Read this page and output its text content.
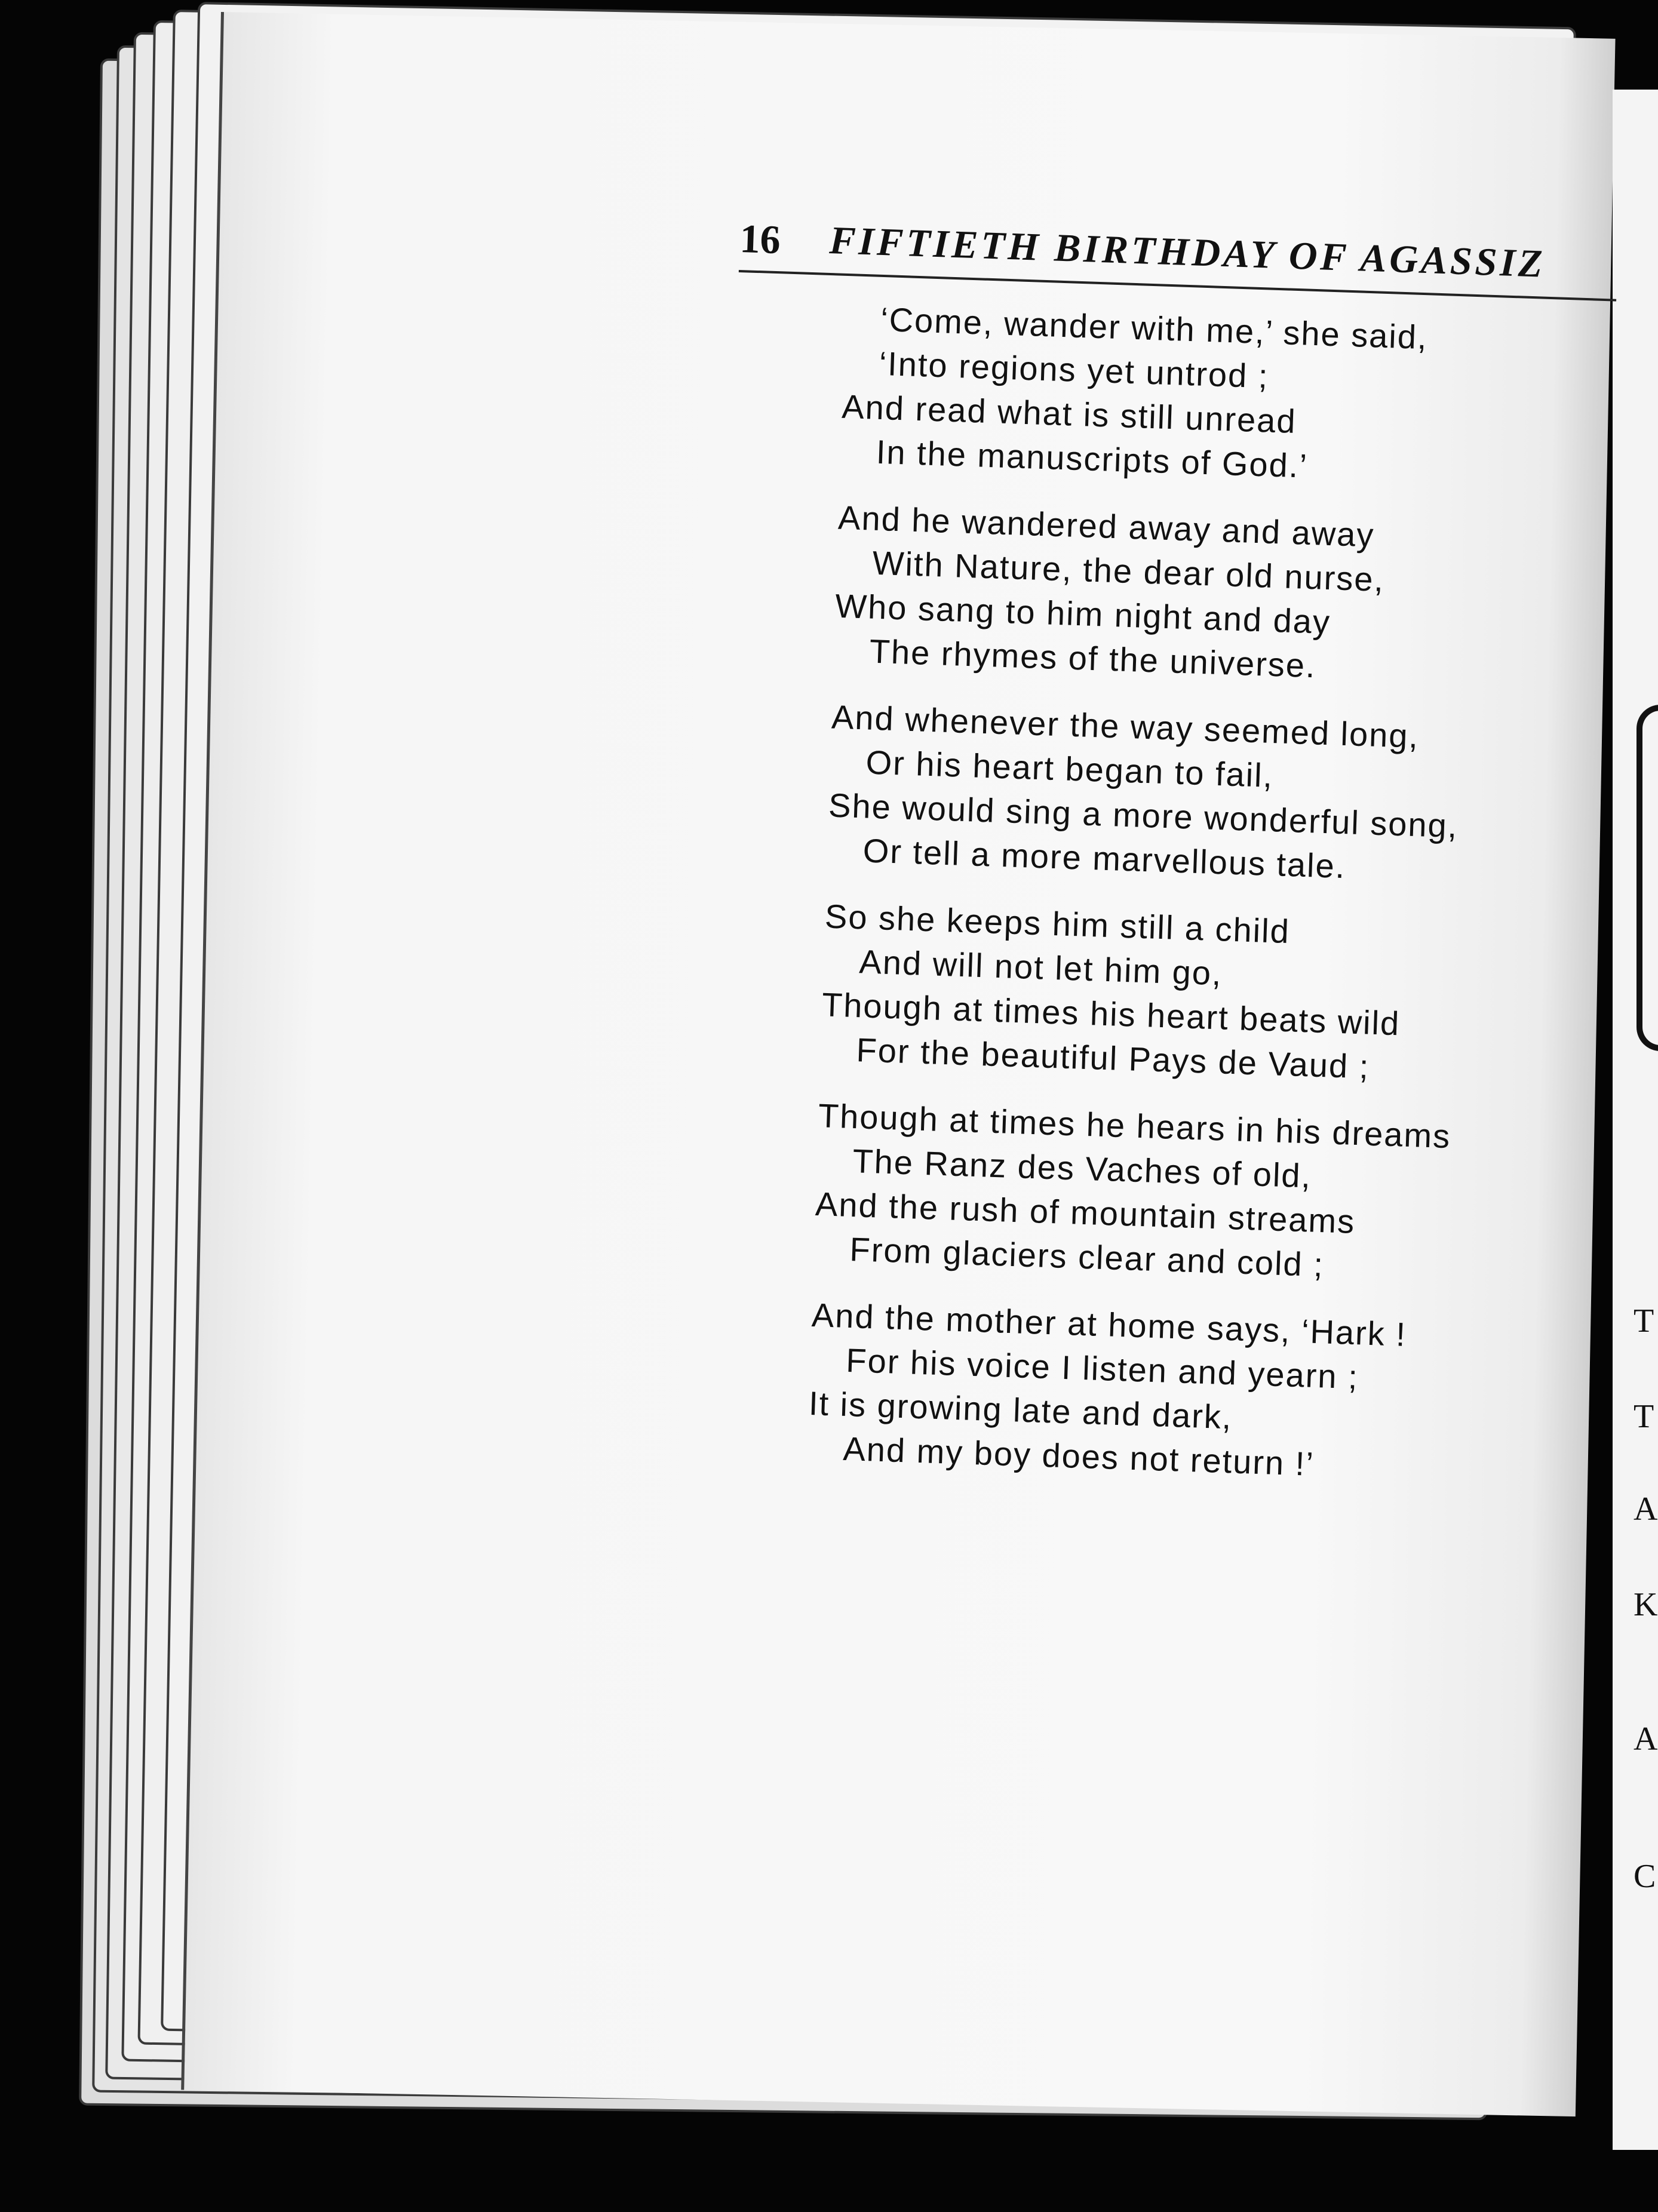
T
T
A
K
A
C
16 FIFTIETH BIRTHDAY OF AGASSIZ
‘Come, wander with me,’ she said,
‘Into regions yet untrod ;
And read what is still unread
In the manuscripts of God.’
And he wandered away and away
With Nature, the dear old nurse,
Who sang to him night and day
The rhymes of the universe.
And whenever the way seemed long,
Or his heart began to fail,
She would sing a more wonderful song,
Or tell a more marvellous tale.
So she keeps him still a child
And will not let him go,
Though at times his heart beats wild
For the beautiful Pays de Vaud ;
Though at times he hears in his dreams
The Ranz des Vaches of old,
And the rush of mountain streams
From glaciers clear and cold ;
And the mother at home says, ‘Hark !
For his voice I listen and yearn ;
It is growing late and dark,
And my boy does not return !’
